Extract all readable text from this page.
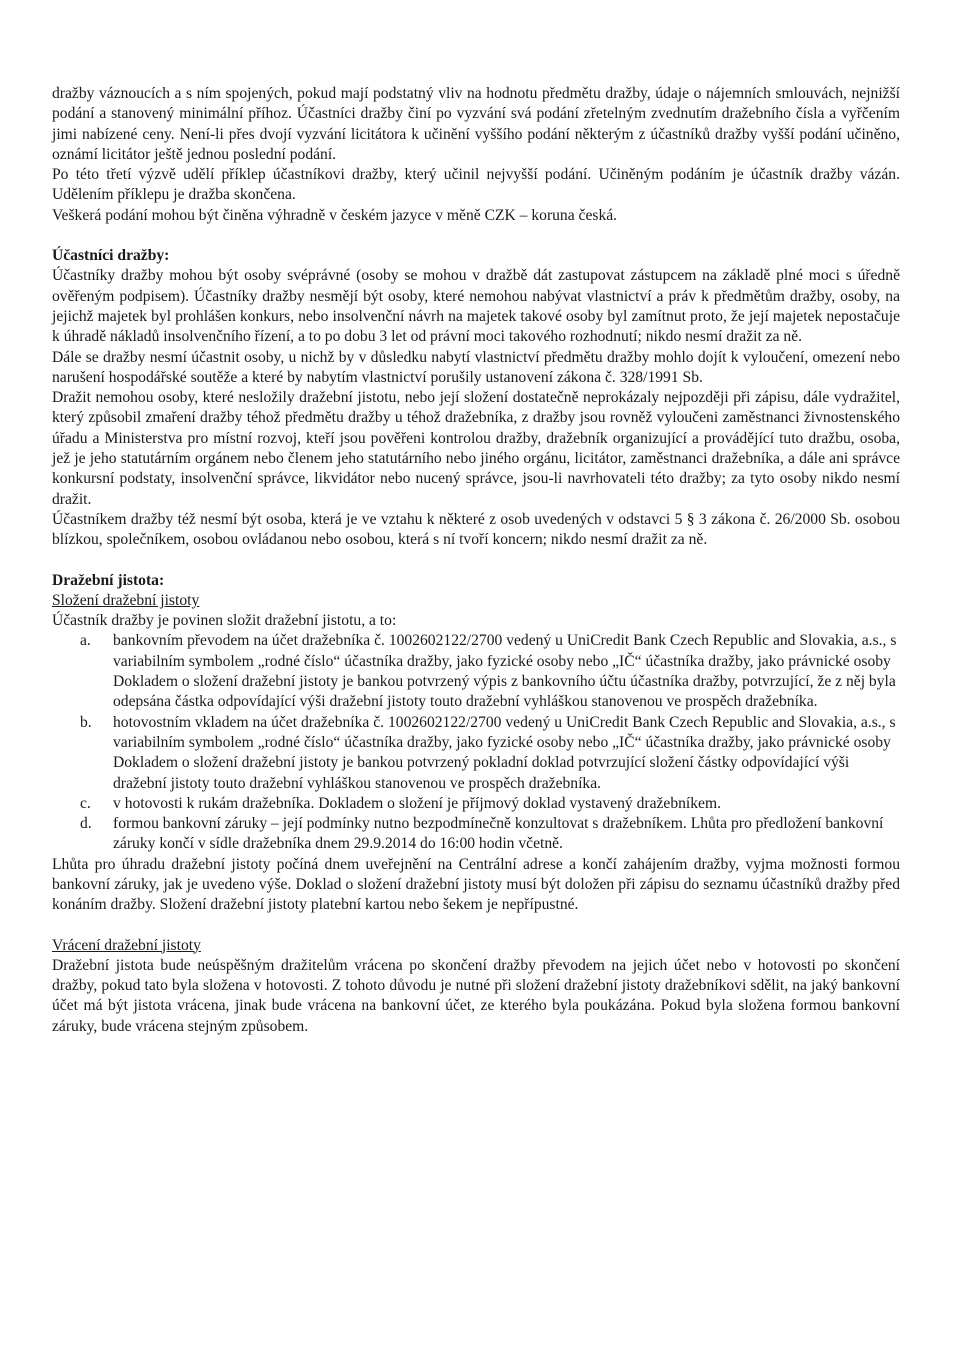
dražby váznoucích a s ním spojených, pokud mají podstatný vliv na hodnotu předmětu dražby, údaje o nájemních smlouvách, nejnižší podání a stanovený minimální příhoz. Účastníci dražby činí po vyzvání svá podání zřetelným zvednutím dražebního čísla a vyřčením jimi nabízené ceny. Není-li přes dvojí vyzvání licitátora k učinění vyššího podání některým z účastníků dražby vyšší podání učiněno, oznámí licitátor ještě jednou poslední podání.

Po této třetí výzvě udělí příklep účastníkovi dražby, který učinil nejvyšší podání. Učiněným podáním je účastník dražby vázán. Udělením příklepu je dražba skončena.

Veškerá podání mohou být činěna výhradně v českém jazyce v měně CZK – koruna česká.

Účastníci dražby:

Účastníky dražby mohou být osoby svéprávné (osoby se mohou v dražbě dát zastupovat zástupcem na základě plné moci s úředně ověřeným podpisem). Účastníky dražby nesmějí být osoby, které nemohou nabývat vlastnictví a práv k předmětům dražby, osoby, na jejichž majetek byl prohlášen konkurs, nebo insolvenční návrh na majetek takové osoby byl zamítnut proto, že její majetek nepostačuje k úhradě nákladů insolvenčního řízení, a to po dobu 3 let od právní moci takového rozhodnutí; nikdo nesmí dražit za ně.

Dále se dražby nesmí účastnit osoby, u nichž by v důsledku nabytí vlastnictví předmětu dražby mohlo dojít k vyloučení, omezení nebo narušení hospodářské soutěže a které by nabytím vlastnictví porušily ustanovení zákona č. 328/1991 Sb.

Dražit nemohou osoby, které nesložily dražební jistotu, nebo její složení dostatečně neprokázaly nejpozději při zápisu, dále vydražitel, který způsobil zmaření dražby téhož předmětu dražby u téhož dražebníka, z dražby jsou rovněž vyloučeni zaměstnanci živnostenského úřadu a Ministerstva pro místní rozvoj, kteří jsou pověřeni kontrolou dražby, dražebník organizující a provádějící tuto dražbu, osoba, jež je jeho statutárním orgánem nebo členem jeho statutárního nebo jiného orgánu, licitátor, zaměstnanci dražebníka, a dále ani správce konkursní podstaty, insolvenční správce, likvidátor nebo nucený správce, jsou-li navrhovateli této dražby; za tyto osoby nikdo nesmí dražit.

Účastníkem dražby též nesmí být osoba, která je ve vztahu k některé z osob uvedených v odstavci 5 § 3 zákona č. 26/2000 Sb. osobou blízkou, společníkem, osobou ovládanou nebo osobou, která s ní tvoří koncern; nikdo nesmí dražit za ně.

Dražební jistota:

Složení dražební jistoty

Účastník dražby je povinen složit dražební jistotu, a to:

a. bankovním převodem na účet dražebníka č. 1002602122/2700 vedený u UniCredit Bank Czech Republic and Slovakia, a.s., s variabilním symbolem „rodné číslo“ účastníka dražby, jako fyzické osoby nebo „IČ“ účastníka dražby, jako právnické osoby

Dokladem o složení dražební jistoty je bankou potvrzený výpis z bankovního účtu účastníka dražby, potvrzující, že z něj byla odepsána částka odpovídající výši dražební jistoty touto dražební vyhláškou stanovenou ve prospěch dražebníka.

b. hotovostním vkladem na účet dražebníka č. 1002602122/2700 vedený u UniCredit Bank Czech Republic and Slovakia, a.s., s variabilním symbolem „rodné číslo“ účastníka dražby, jako fyzické osoby nebo „IČ“ účastníka dražby, jako právnické osoby

Dokladem o složení dražební jistoty je bankou potvrzený pokladní doklad potvrzující složení částky odpovídající výši dražební jistoty touto dražební vyhláškou stanovenou ve prospěch dražebníka.

c. v hotovosti k rukám dražebníka. Dokladem o složení je příjmový doklad vystavený dražebníkem.

d. formou bankovní záruky – její podmínky nutno bezpodmínečně konzultovat s dražebníkem. Lhůta pro předložení bankovní záruky končí v sídle dražebníka dnem 29.9.2014 do 16:00 hodin včetně.

Lhůta pro úhradu dražební jistoty počíná dnem uveřejnění na Centrální adrese a končí zahájením dražby, vyjma možnosti formou bankovní záruky, jak je uvedeno výše. Doklad o složení dražební jistoty musí být doložen při zápisu do seznamu účastníků dražby před konáním dražby. Složení dražební jistoty platební kartou nebo šekem je nepřípustné.

Vrácení dražební jistoty

Dražební jistota bude neúspěšným dražitelům vrácena po skončení dražby převodem na jejich účet nebo v hotovosti po skončení dražby, pokud tato byla složena v hotovosti. Z tohoto důvodu je nutné při složení dražební jistoty dražebníkovi sdělit, na jaký bankovní účet má být jistota vrácena, jinak bude vrácena na bankovní účet, ze kterého byla poukázána. Pokud byla složena formou bankovní záruky, bude vrácena stejným způsobem.
